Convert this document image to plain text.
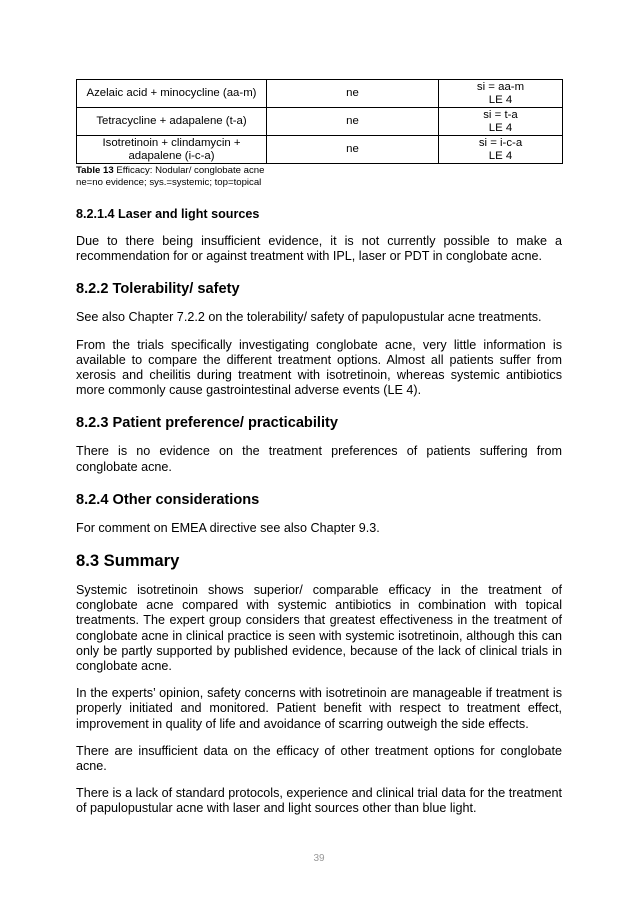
Azelaic acid + minocycline (aa-m)	ne	si = aa-m
LE 4

Tetracycline + adapalene (t-a)	ne	si = t-a
LE 4

Isotretinoin + clindamycin +
adapalene (i-c-a)	ne	si = i-c-a
LE 4
Table 13 Efficacy: Nodular/ conglobate acne
ne=no evidence; sys.=systemic; top=topical
8.2.1.4 Laser and light sources

Due to there being insufficient evidence, it is not currently possible to make a recommendation for or against treatment with IPL, laser or PDT in conglobate acne.

8.2.2 Tolerability/ safety

See also Chapter 7.2.2 on the tolerability/ safety of papulopustular acne treatments.

From the trials specifically investigating conglobate acne, very little information is available to compare the different treatment options. Almost all patients suffer from xerosis and cheilitis during treatment with isotretinoin, whereas systemic antibiotics more commonly cause gastrointestinal adverse events (LE 4).

8.2.3 Patient preference/ practicability

There is no evidence on the treatment preferences of patients suffering from conglobate acne.

8.2.4 Other considerations

For comment on EMEA directive see also Chapter 9.3.

8.3 Summary

Systemic isotretinoin shows superior/ comparable efficacy in the treatment of conglobate acne compared with systemic antibiotics in combination with topical treatments. The expert group considers that greatest effectiveness in the treatment of conglobate acne in clinical practice is seen with systemic isotretinoin, although this can only be partly supported by published evidence, because of the lack of clinical trials in conglobate acne.

In the experts’ opinion, safety concerns with isotretinoin are manageable if treatment is properly initiated and monitored. Patient benefit with respect to treatment effect, improvement in quality of life and avoidance of scarring outweigh the side effects.

There are insufficient data on the efficacy of other treatment options for conglobate acne.

There is a lack of standard protocols, experience and clinical trial data for the treatment of papulopustular acne with laser and light sources other than blue light.

39
